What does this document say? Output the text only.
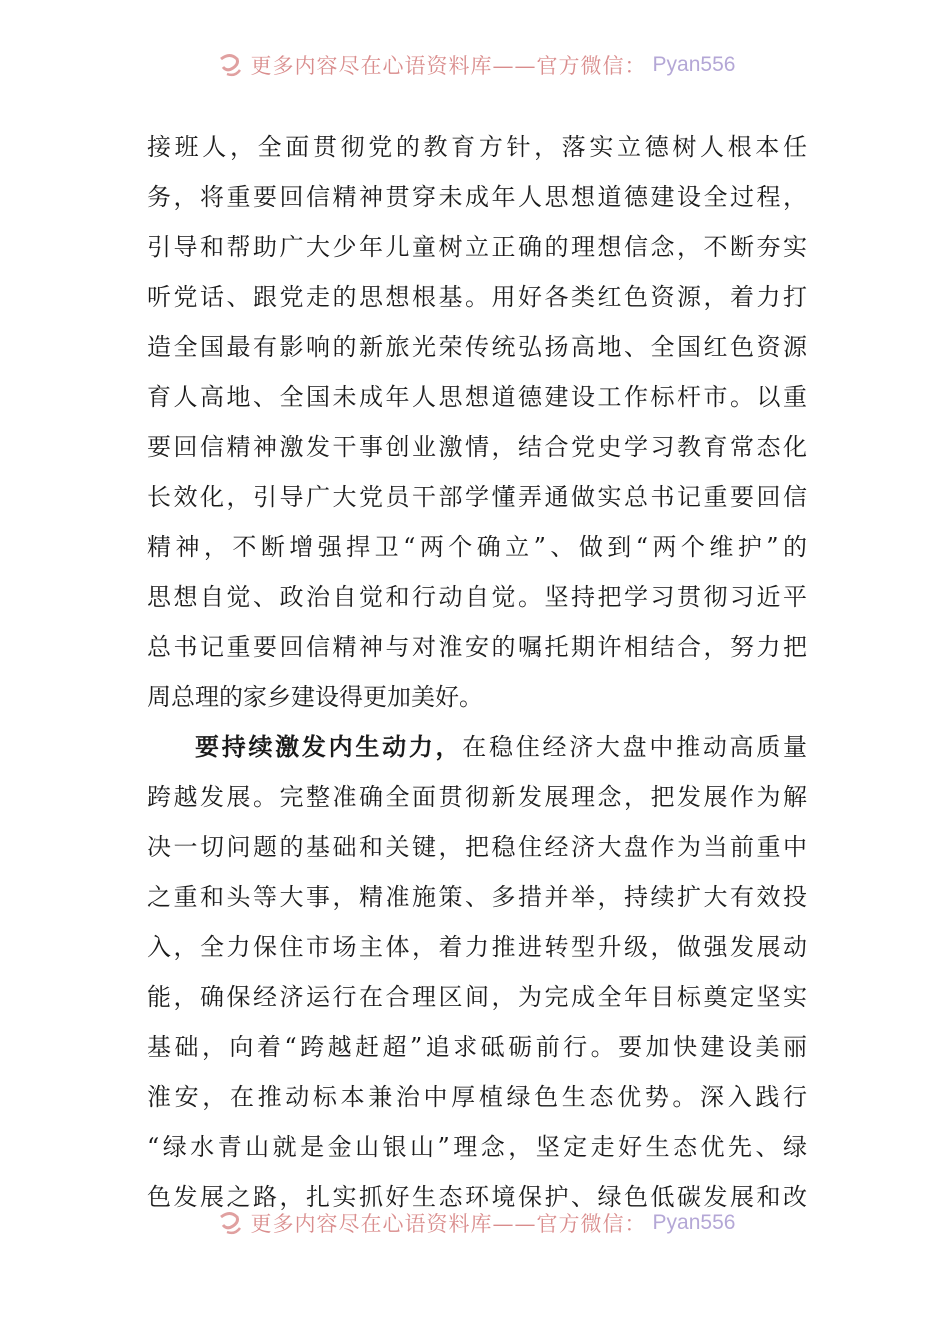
更多内容尽在心语资料库——官方微信： Pyan556

接班人，全面贯彻党的教育方针，落实立德树人根本任
务，将重要回信精神贯穿未成年人思想道德建设全过程，
引导和帮助广大少年儿童树立正确的理想信念，不断夯实
听党话、跟党走的思想根基。用好各类红色资源，着力打
造全国最有影响的新旅光荣传统弘扬高地、全国红色资源
育人高地、全国未成年人思想道德建设工作标杆市。以重
要回信精神激发干事创业激情，结合党史学习教育常态化
长效化，引导广大党员干部学懂弄通做实总书记重要回信
精神，不断增强捍卫“两个确立”、做到“两个维护”的
思想自觉、政治自觉和行动自觉。坚持把学习贯彻习近平
总书记重要回信精神与对淮安的嘱托期许相结合，努力把
周总理的家乡建设得更加美好。

要持续激发内生动力，在稳住经济大盘中推动高质量
跨越发展。完整准确全面贯彻新发展理念，把发展作为解
决一切问题的基础和关键，把稳住经济大盘作为当前重中
之重和头等大事，精准施策、多措并举，持续扩大有效投
入，全力保住市场主体，着力推进转型升级，做强发展动
能，确保经济运行在合理区间，为完成全年目标奠定坚实
基础，向着“跨越赶超”追求砥砺前行。要加快建设美丽
淮安，在推动标本兼治中厚植绿色生态优势。深入践行
“绿水青山就是金山银山”理念，坚定走好生态优先、绿
色发展之路，扎实抓好生态环境保护、绿色低碳发展和改

更多内容尽在心语资料库——官方微信： Pyan556
